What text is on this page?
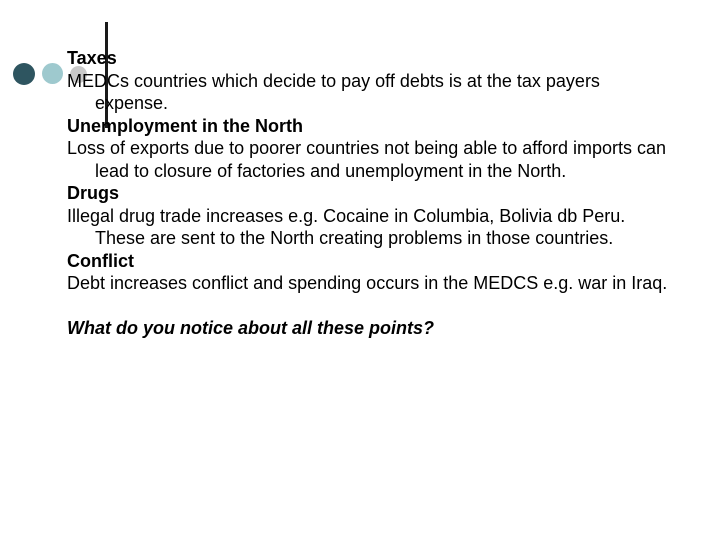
Taxes

MEDCs countries which decide to pay off debts is at the tax payers expense.

Unemployment in the North

Loss of exports due to poorer countries not being able to afford imports can lead to closure of factories and unemployment in the North.

Drugs

Illegal drug trade increases e.g. Cocaine in Columbia, Bolivia db Peru. These are sent to the North creating problems in those countries.

Conflict

Debt increases conflict and spending occurs in the MEDCS e.g. war in Iraq.

What do you notice about all these points?
